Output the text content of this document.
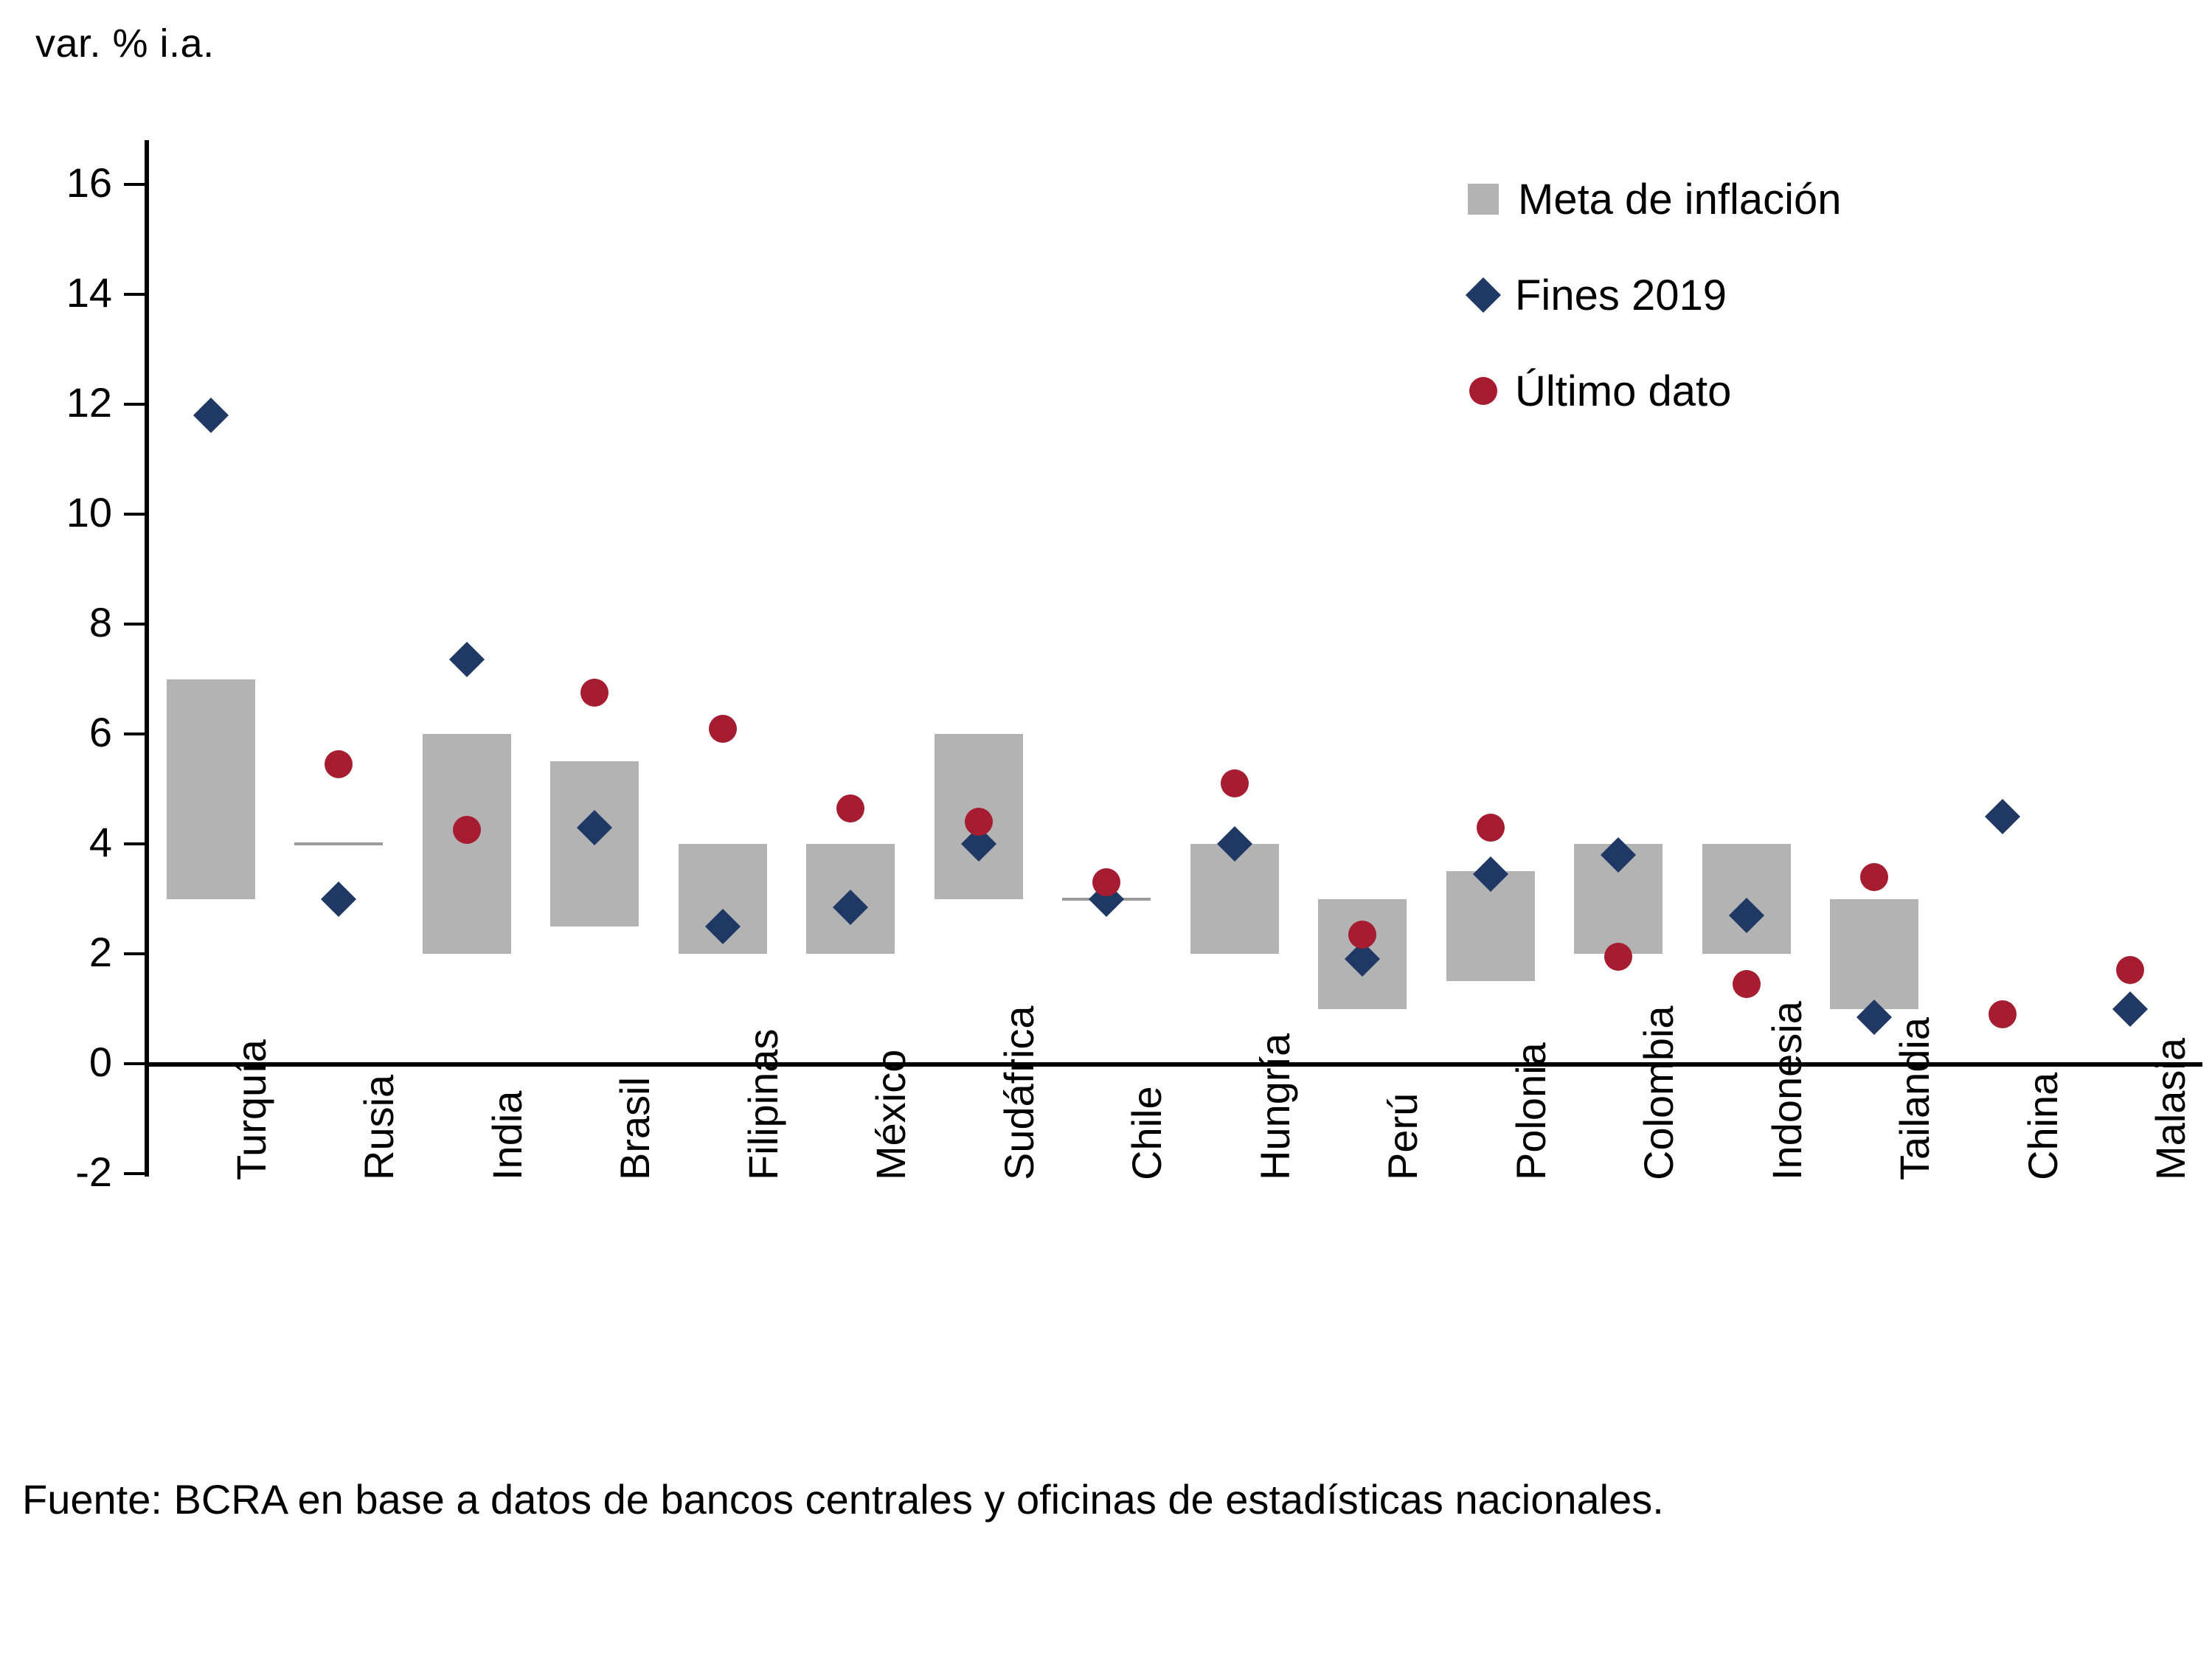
var. % i.a.
-2
0
2
4
6
8
10
12
14
16
Turquía Rusia India Brasil Filipinas México Sudáfrica Chile Hungría Perú Polonia Colombia Indonesia Tailandia China Malasia
Meta de inflación
Fines 2019
Último dato
Fuente: BCRA en base a datos de bancos centrales y oficinas de estadísticas nacionales.
